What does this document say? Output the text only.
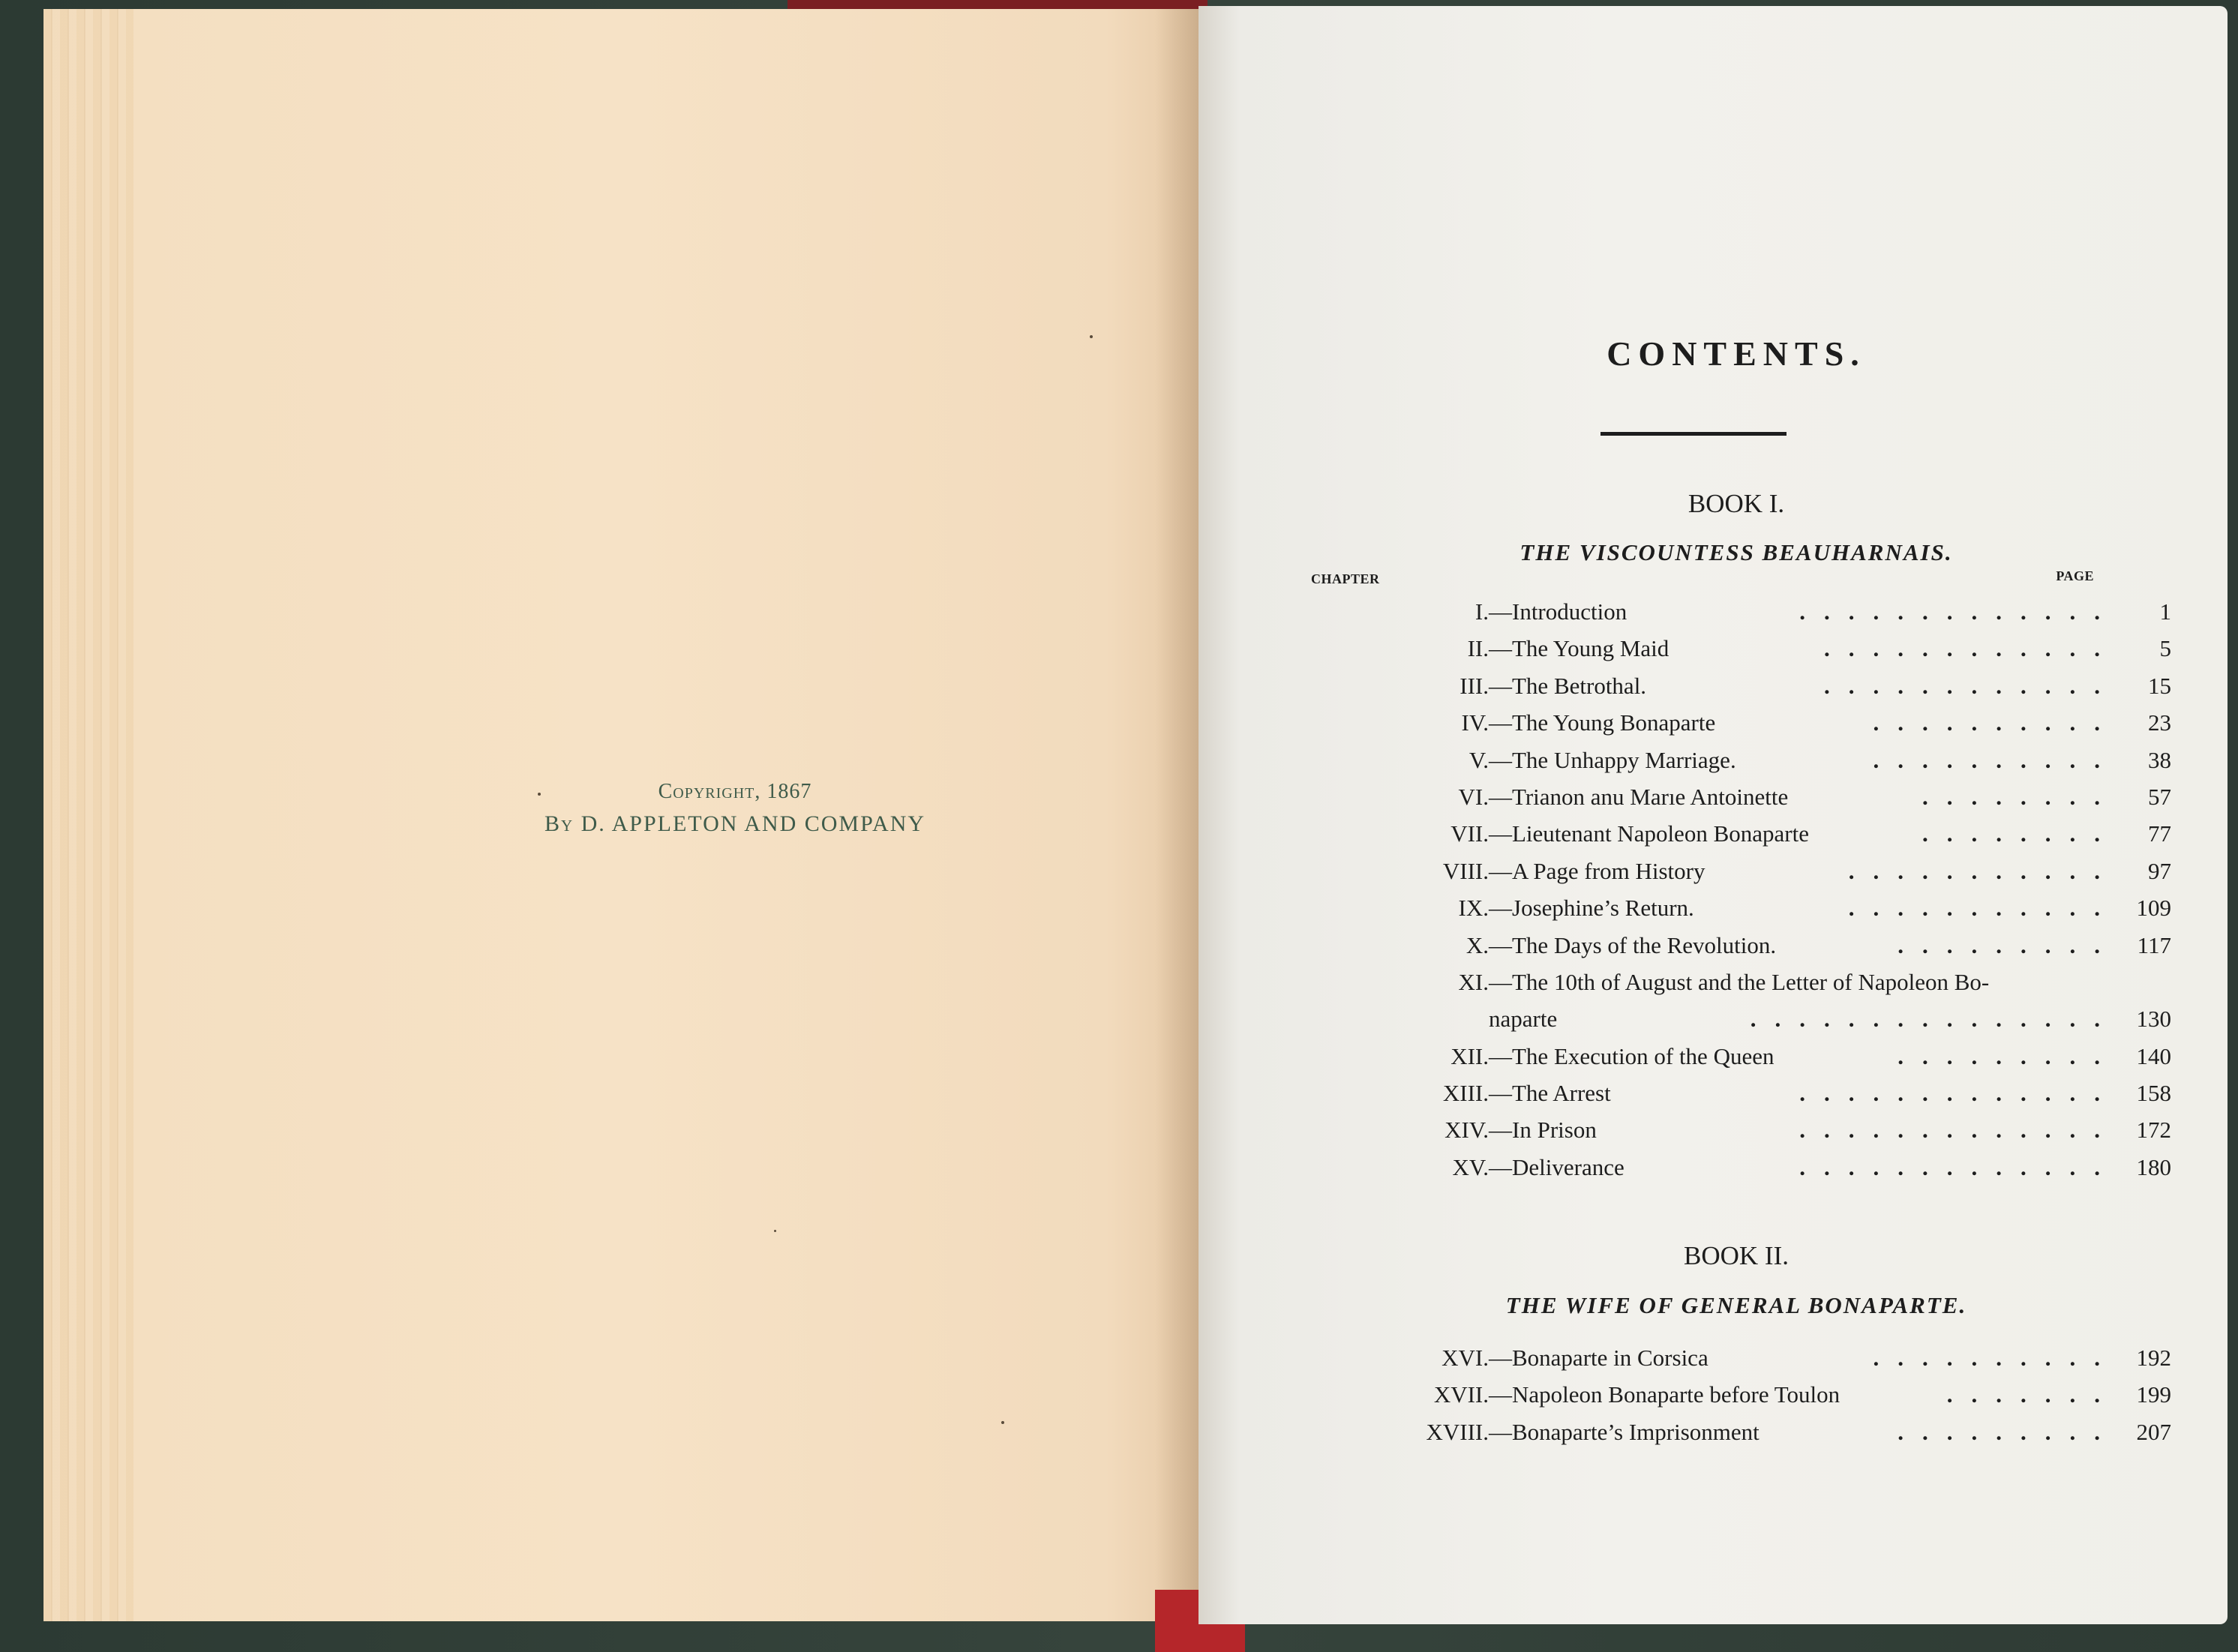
Copyright, 1867
By D. APPLETON AND COMPANY
CONTENTS.
BOOK I.
THE VISCOUNTESS BEAUHARNAIS.
CHAPTER	PAGE
I. —Introduction	.............	1
II. —The Young Maid	............	5
III. —The Betrothal.	............	15
IV. —The Young Bonaparte	..........	23
V. —The Unhappy Marriage.	..........	38
VI. —Trianon anu Marıe Antoinette	........	57
VII. —Lieutenant Napoleon Bonaparte	........	77
VIII. —A Page from History	...........	97
IX. —Josephine’s Return.	........... 109
X. —The Days of the Revolution.	......... 117
XI. —The 10th of August and the Letter of Napoleon Bo-
naparte	............... 130
XII. —The Execution of the Queen	......... 140
XIII. —The Arrest	............. 158
XIV. —In Prison	............. 172
XV. —Deliverance	............. 180
BOOK II.
THE WIFE OF GENERAL BONAPARTE.
XVI. —Bonaparte in Corsica	.......... 192
XVII. —Napoleon Bonaparte before Toulon	....... 199
XVIII. —Bonaparte’s Imprisonment	......... 207
